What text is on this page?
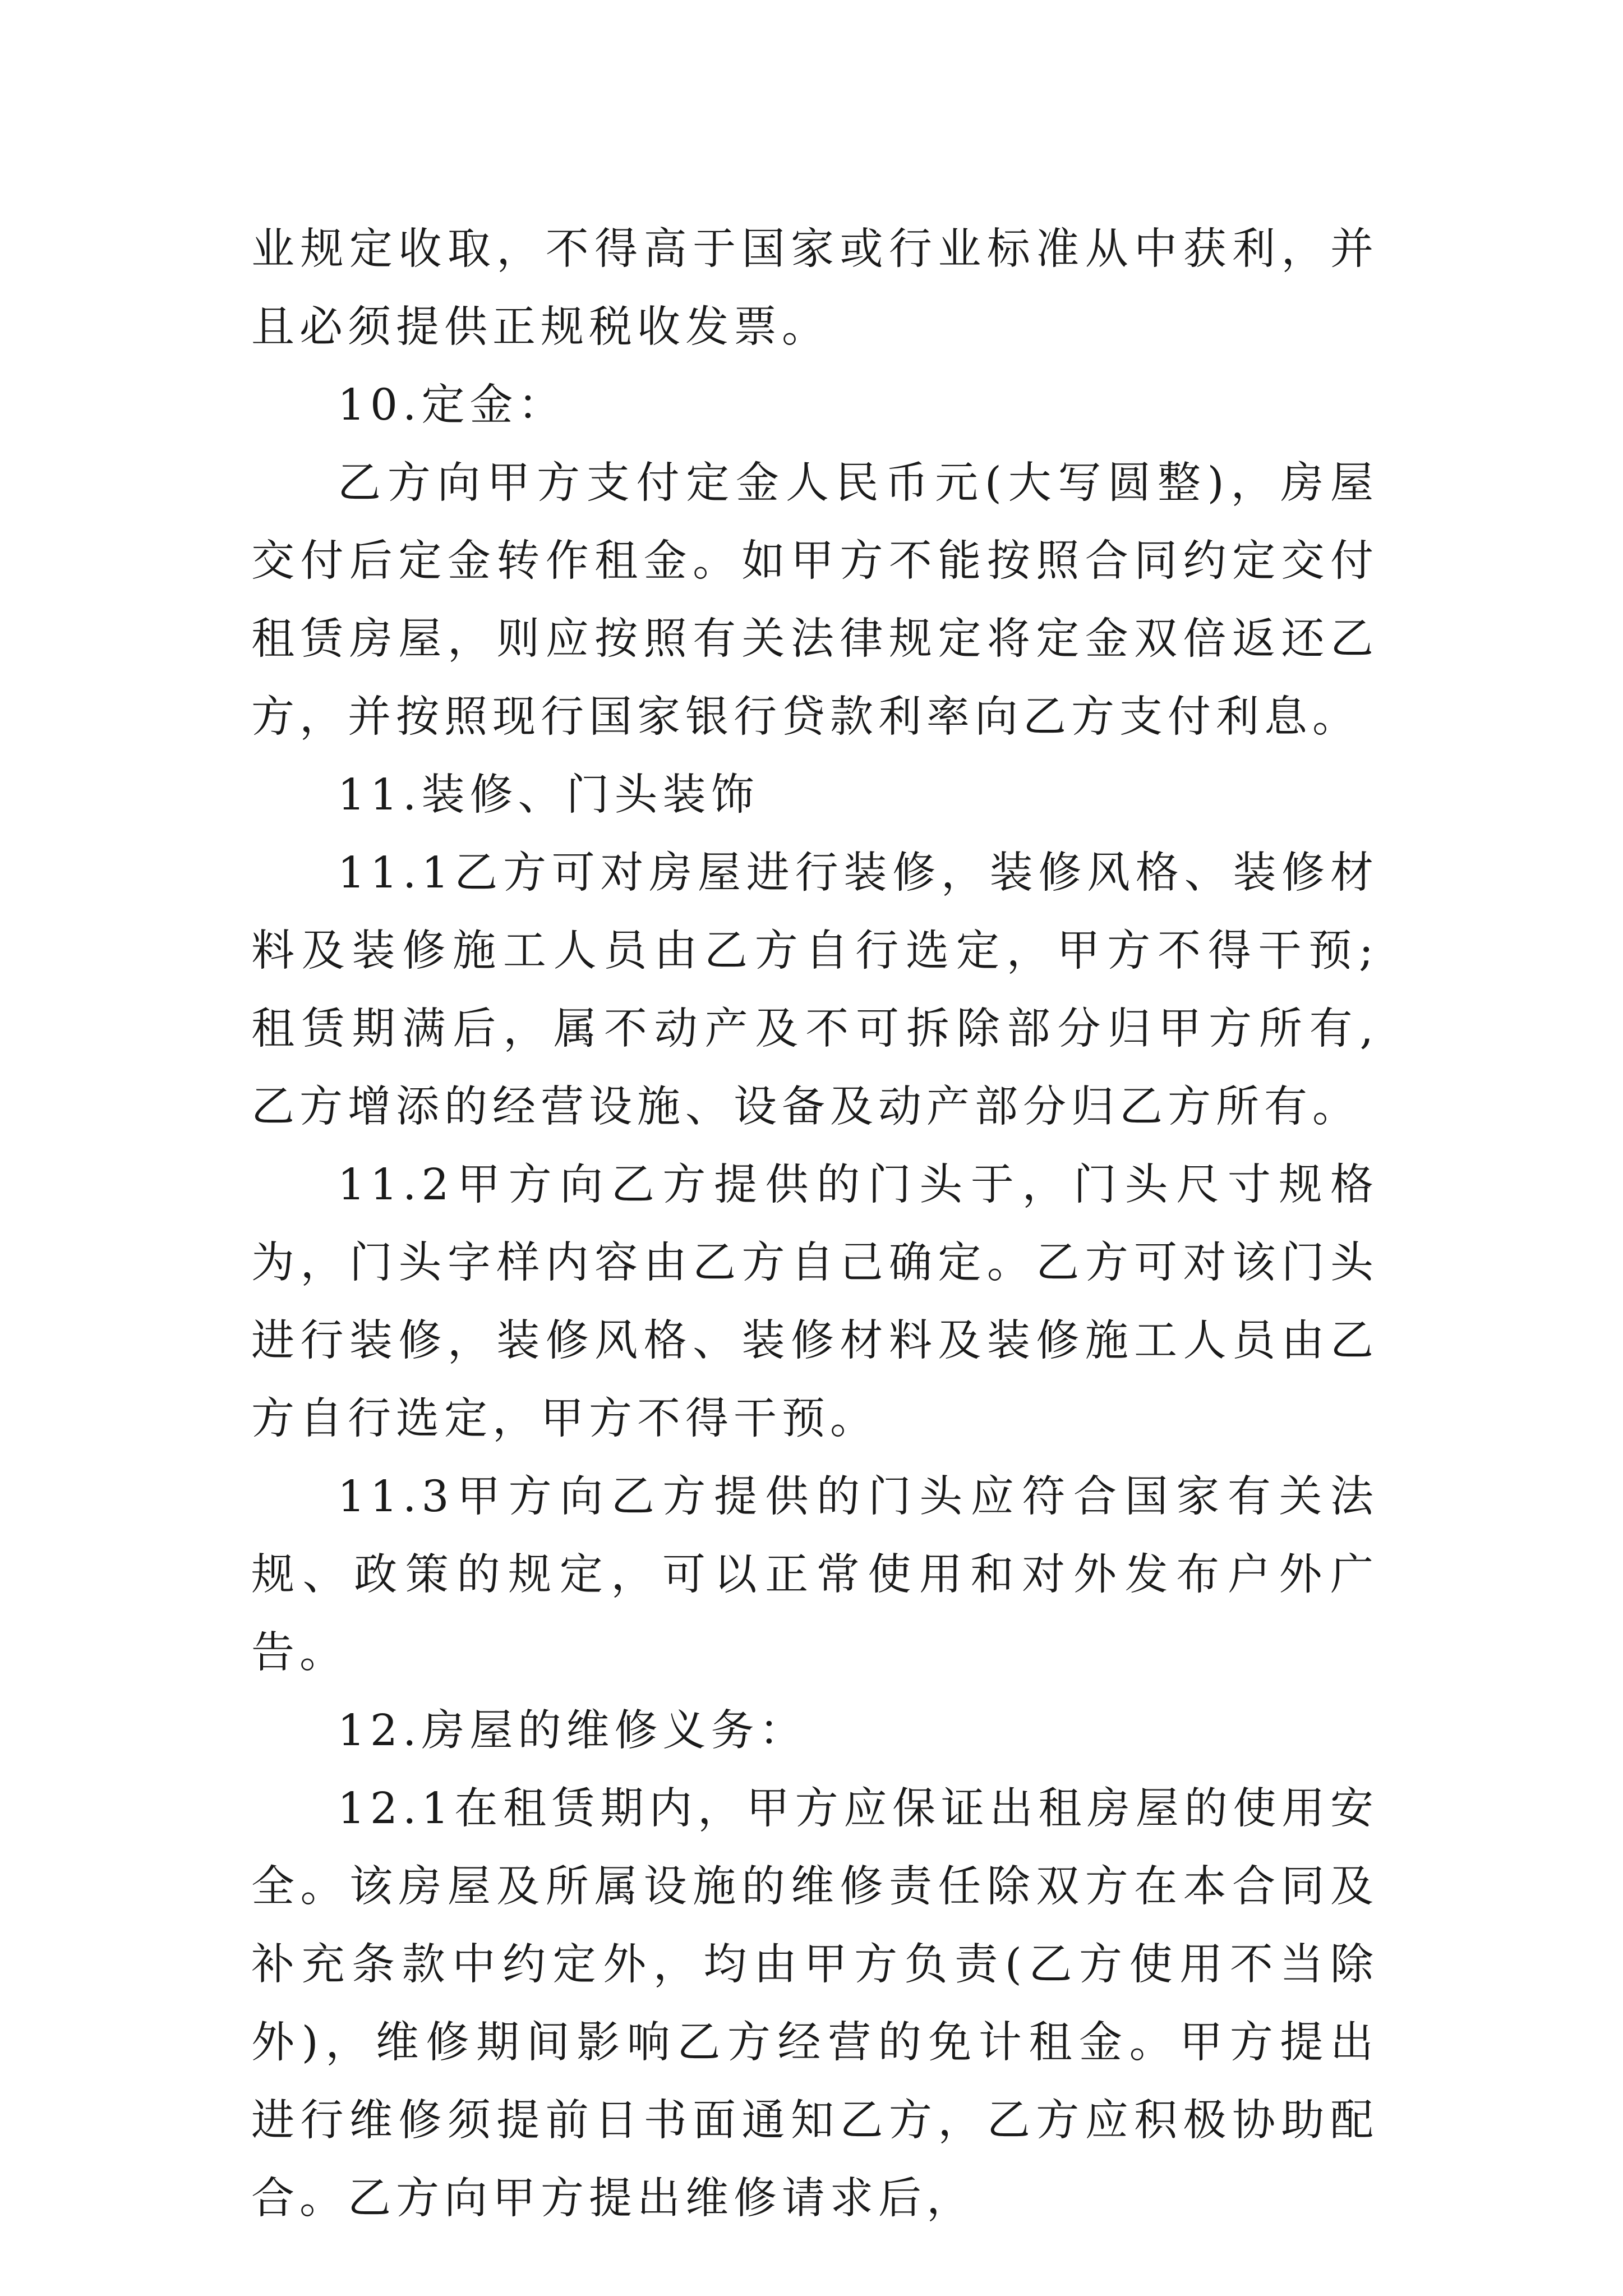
业规定收取，不得高于国家或行业标准从中获利，并且必须提供正规税收发票。

10.定金：

乙方向甲方支付定金人民币元(大写圆整)，房屋交付后定金转作租金。如甲方不能按照合同约定交付租赁房屋，则应按照有关法律规定将定金双倍返还乙方，并按照现行国家银行贷款利率向乙方支付利息。

11.装修、门头装饰

11.1乙方可对房屋进行装修，装修风格、装修材料及装修施工人员由乙方自行选定，甲方不得干预;租赁期满后，属不动产及不可拆除部分归甲方所有,乙方增添的经营设施、设备及动产部分归乙方所有。

11.2甲方向乙方提供的门头于，门头尺寸规格为，门头字样内容由乙方自己确定。乙方可对该门头进行装修，装修风格、装修材料及装修施工人员由乙方自行选定，甲方不得干预。

11.3甲方向乙方提供的门头应符合国家有关法规、政策的规定，可以正常使用和对外发布户外广告。

12.房屋的维修义务：

12.1在租赁期内，甲方应保证出租房屋的使用安全。该房屋及所属设施的维修责任除双方在本合同及补充条款中约定外，均由甲方负责(乙方使用不当除外)，维修期间影响乙方经营的免计租金。甲方提出进行维修须提前日书面通知乙方，乙方应积极协助配合。乙方向甲方提出维修请求后，
